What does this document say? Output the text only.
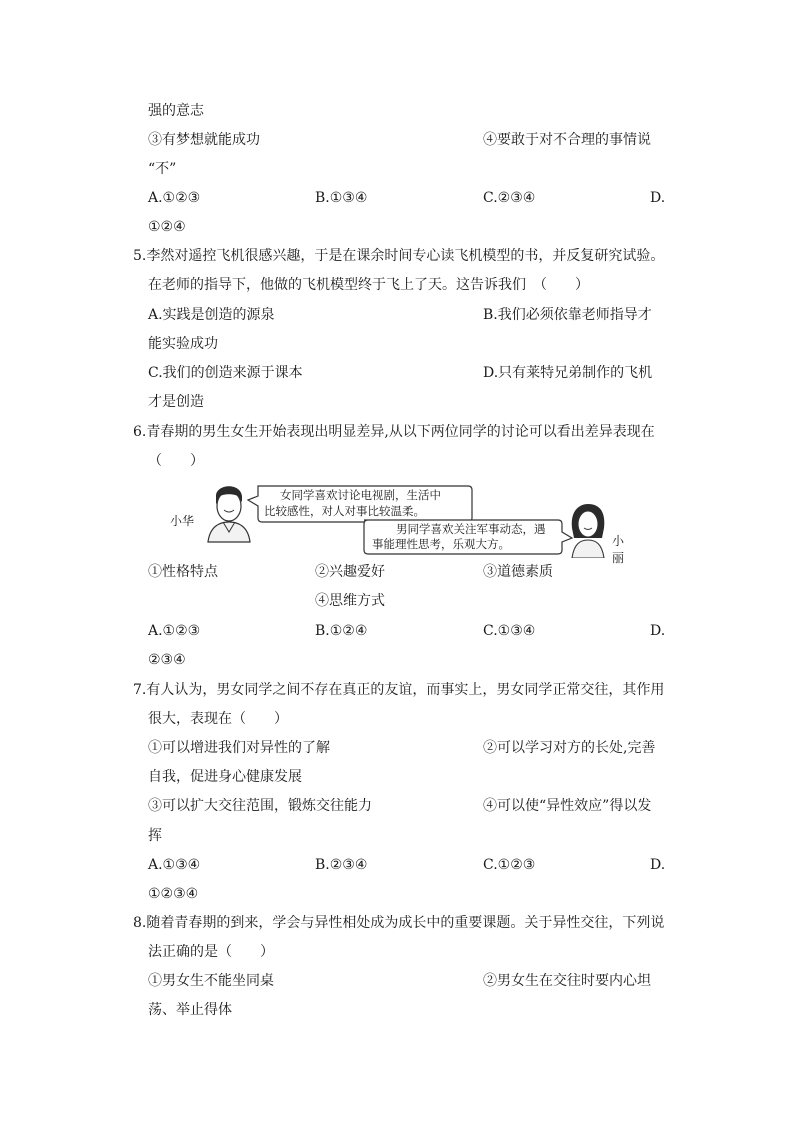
强的意志
③有梦想就能成功	④要敢于对不合理的事情说
“不”
A.①②③	B.①③④	C.②③④	D.
①②④
5.李然对遥控飞机很感兴趣，于是在课余时间专心读飞机模型的书，并反复研究试验。
在老师的指导下，他做的飞机模型终于飞上了天。这告诉我们　（　　）
A.实践是创造的源泉	B.我们必须依靠老师指导才
能实验成功
C.我们的创造来源于课本	D.只有莱特兄弟制作的飞机
才是创造
6.青春期的男生女生开始表现出明显差异,从以下两位同学的讨论可以看出差异表现在
（　　）
小华
女同学喜欢讨论电视剧，生活中
比较感性，对人对事比较温柔。
男同学喜欢关注军事动态，遇
事能理性思考，乐观大方。	小丽
①性格特点	②兴趣爱好	③道德素质
④思维方式
A.①②③	B.①②④	C.①③④	D.
②③④
7.有人认为，男女同学之间不存在真正的友谊，而事实上，男女同学正常交往，其作用
很大，表现在（　　）
①可以增进我们对异性的了解	②可以学习对方的长处,完善
自我，促进身心健康发展
③可以扩大交往范围，锻炼交往能力	④可以使“异性效应”得以发
挥
A.①③④	B.②③④	C.①②③	D.
①②③④
8.随着青春期的到来，学会与异性相处成为成长中的重要课题。关于异性交往，下列说
法正确的是（　　）
①男女生不能坐同桌	②男女生在交往时要内心坦
荡、举止得体
